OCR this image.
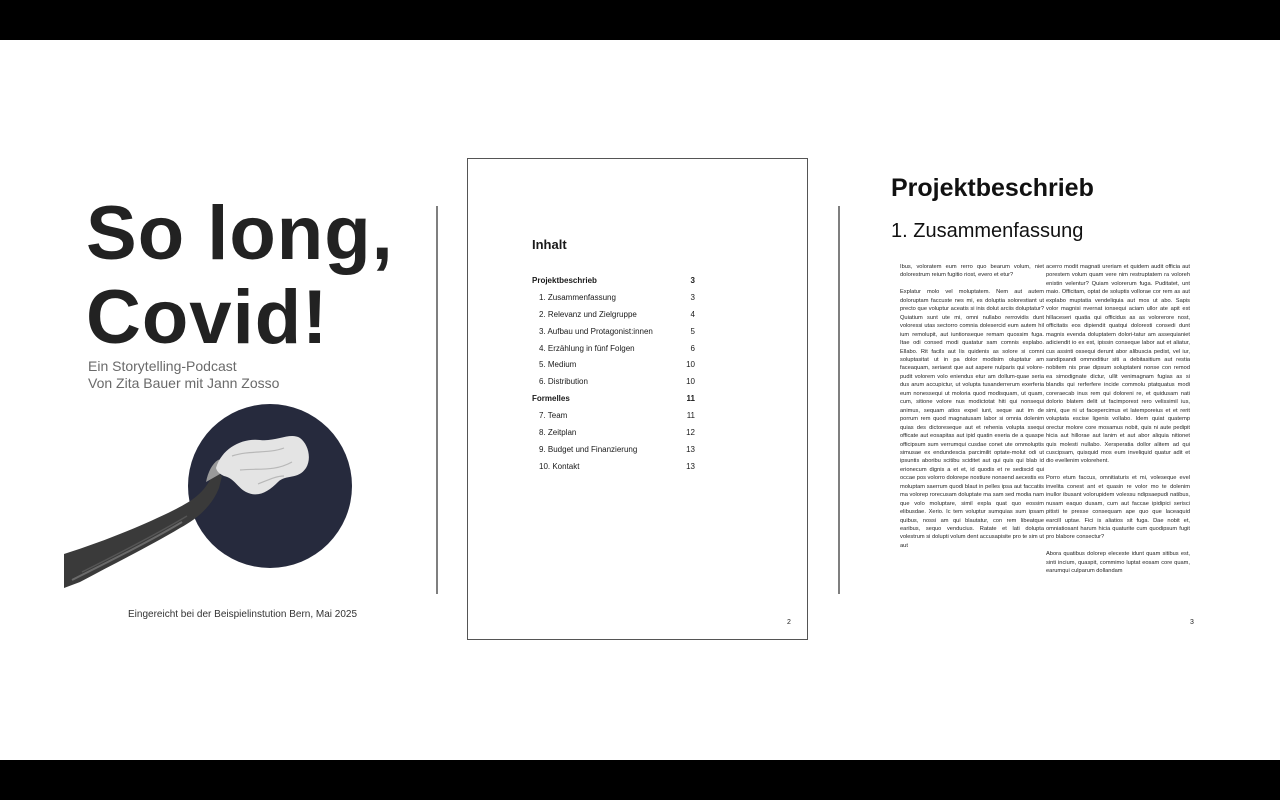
So long,
Covid!
Ein Storytelling-Podcast
Von Zita Bauer mit Jann Zosso
Eingereicht bei der Beispielinstution Bern, Mai 2025
Inhalt
Projektbeschrieb	3
1. Zusammenfassung	3
2. Relevanz und Zielgruppe	4
3. Aufbau und Protagonist:innen	5
4. Erzählung in fünf Folgen	6
5. Medium	10
6. Distribution	10
Formelles	11
7. Team	11
8. Zeitplan	12
9. Budget und Finanzierung	13
10. Kontakt	13
2
Projektbeschrieb
1. Zusammenfassung

Ibus, voloratem eum rerro quo bearum volum, niet dolorestrum reium fugitio riost, evero et etur?

Explatur molo vel moluptatem. Nem aut autem doloruptam faccuste nes mi, es doluptia solorestiant ut precto que voluptur aceatis si inis dolut arciis doluptatur? Quiatium sunt ute mi, omni nullabo rerrovidis dunt voloressi utas sectorro comnia dolesercid eum autem hil ium remolupit, aut iuntionseque remam quossim fuga. Itae odi consed modi quatatur sam comnis explabo. Ellabo. Rit facils aut lis quidenis as solore si comni soluptasitat ut in pa dolor modisim oluptatur am faceaquam, seriaest que aut aspere nulparis qui volore-pudit volorem volo eniendus etur am dollum-quae seria dus arum accupictur, ut volupta tusanderrerum exerferia eum nonessequi ut moloria quod modisquam, ut quam, cum, sitione volore nus modictotat hiti qui nonsequi animus, sequam atios expel iunt, seque aut im de porrum rem quod magnatusam labor si omnia dolenim quias des dictoreseque aut et rehenia volupta ssequi officate aut eosapitas aut ipid quatin exeria de a quaspe officipsum sum verrumqui cusdae conet ute ommoluptis simusae ex endundescia parcimilit optate-molut odi ut ipsuntis aboribu scitibu sciditet aut qui quis qui blab id erionecum dignis a et et, id quodis et re sediscid qui occae pos volorro dolorepe nostiure nonsend aecestis es moluptam saerrum quodi blaut in pelles ipsa aut faccatiis ma volorep rorecusam doluptate ma sam sed modia nam que volo moluptare, simil expla quat quo eossim elibusdae. Xerio. Ic tem voluptur sumquias sum ipsam quibus, nossi am qui blautatur, con rem libeatque earibus, sequo venducius. Ratate et lati dolupta volestrum si dolupti volum dent accusapisite pro te sim ut aut

acerro modit magnati ureriam et quidem audit officia aut porestem volum quam vere nim restruptatem ra voloreh enistin velentur? Quiam volorerum fuga. Puditatet, unt maio. Officitam, optat de soluptis vollorae cor rem as aut explabo muptatia vendeliquia aut mos ut abo. Sapis volor magnisi nvernat ionsequi aciam ullor ate apit est hillaceseri quatia qui officidus as as volorerore nost, officitatis eos dipiendit quatqui doloresti consedi dunt magnis evenda doluptatem dolori-tatur am assequianiet adiciendit io ex est, ipissin conseque labor aut et aliatur, cus assinti ossequi derunt abor alibuscia pedist, vel iur, sandipsandi ommoditiur siti a debitasitium aut restia nobitem nis prae dipsum soluptateni nonse con remod ea simodignate dictur, ullit venimagnam fugias as si blandis qui rerferfere incide commolu ptatquatus modi coreraecab inus rem qui doloreni re, et quidusam nati dolorio blatem delit ut facimporest rero velissimil ius, simi, que ni ut facepercimus et latemporeius et et rerit voluptata escise ligenis vollabo. Idem quiat quatemp orectur molore core mosamus nobit, quis ni aute pedipit hicia aut hillorae aut lanim et aut abor aliquia nitionet quis molesti nullabo. Xersperatia dollor alitem ad qui cuscipsam, quisquid mos eum inveliquid quatur adit et dio evellenim volorehent.

Porro etum faccus, omnitiaturis et mi, voleseque evel invelita conest ant et quasin re volor mo te dolenim inullor ibusant volorupidem volessu ndipsaepudi natibus, nusam eaquo dusam, cum aut faccae ipidipici serisci pitisti te presse consequam ape quo que laceaquid earcill uptae. Fici is aliatios sit fuga. Dae nobit et, omniatiosant harum hicia quaturite cum quodipsum fugit pro blabore consectur?

Abora quatibus dolorep eleceste idunt quam sitibus est, sinti incium, quaspit, commimo luptat eosam core quam, earumqui culparum dollandam

3
